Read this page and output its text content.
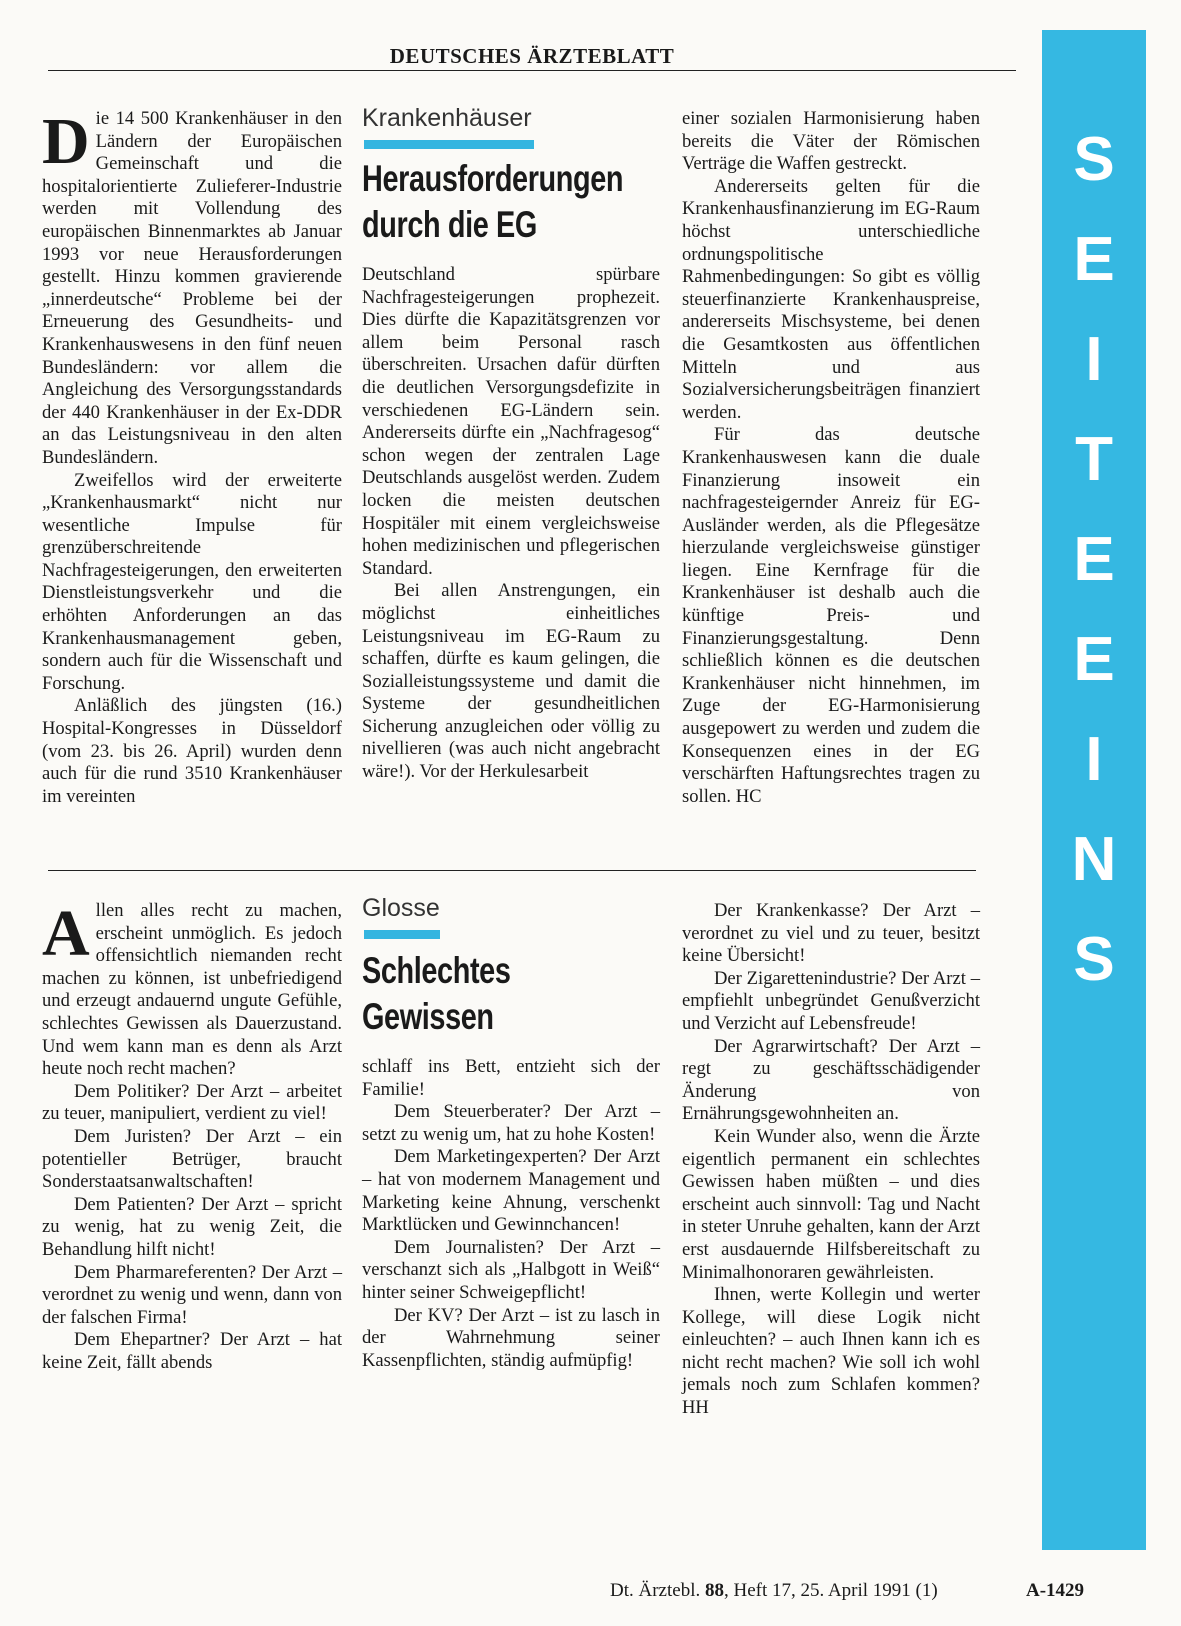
DEUTSCHES ÄRZTEBLATT

Die 14 500 Krankenhäuser in den Ländern der Europäischen Gemeinschaft und die hospitalorientierte Zulieferer-Industrie werden mit Vollendung des europäischen Binnenmarktes ab Januar 1993 vor neue Herausforderungen gestellt. Hinzu kommen gravierende „innerdeutsche“ Probleme bei der Erneuerung des Gesundheits- und Krankenhauswesens in den fünf neuen Bundesländern: vor allem die Angleichung des Versorgungsstandards der 440 Krankenhäuser in der Ex-DDR an das Leistungsniveau in den alten Bundesländern.

Zweifellos wird der erweiterte „Krankenhausmarkt“ nicht nur wesentliche Impulse für grenzüberschreitende Nachfragesteigerungen, den erweiterten Dienstleistungsverkehr und die erhöhten Anforderungen an das Krankenhausmanagement geben, sondern auch für die Wissenschaft und Forschung.

Anläßlich des jüngsten (16.) Hospital-Kongresses in Düsseldorf (vom 23. bis 26. April) wurden denn auch für die rund 3510 Krankenhäuser im vereinten

Krankenhäuser
Herausforderungen
durch die EG

Deutschland spürbare Nachfragesteigerungen prophezeit. Dies dürfte die Kapazitätsgrenzen vor allem beim Personal rasch überschreiten. Ursachen dafür dürften die deutlichen Versorgungsdefizite in verschiedenen EG-Ländern sein. Andererseits dürfte ein „Nachfragesog“ schon wegen der zentralen Lage Deutschlands ausgelöst werden. Zudem locken die meisten deutschen Hospitäler mit einem vergleichsweise hohen medizinischen und pflegerischen Standard.

Bei allen Anstrengungen, ein möglichst einheitliches Leistungsniveau im EG-Raum zu schaffen, dürfte es kaum gelingen, die Sozialleistungssysteme und damit die Systeme der gesundheitlichen Sicherung anzugleichen oder völlig zu nivellieren (was auch nicht angebracht wäre!). Vor der Herkulesarbeit

einer sozialen Harmonisierung haben bereits die Väter der Römischen Verträge die Waffen gestreckt.

Andererseits gelten für die Krankenhausfinanzierung im EG-Raum höchst unterschiedliche ordnungspolitische Rahmenbedingungen: So gibt es völlig steuerfinanzierte Krankenhauspreise, andererseits Mischsysteme, bei denen die Gesamtkosten aus öffentlichen Mitteln und aus Sozialversicherungsbeiträgen finanziert werden.

Für das deutsche Krankenhauswesen kann die duale Finanzierung insoweit ein nachfragesteigernder Anreiz für EG-Ausländer werden, als die Pflegesätze hierzulande vergleichsweise günstiger liegen. Eine Kernfrage für die Krankenhäuser ist deshalb auch die künftige Preis- und Finanzierungsgestaltung. Denn schließlich können es die deutschen Krankenhäuser nicht hinnehmen, im Zuge der EG-Harmonisierung ausgepowert zu werden und zudem die Konsequenzen eines in der EG verschärften Haftungsrechtes tragen zu sollen. HC

Allen alles recht zu machen, erscheint unmöglich. Es jedoch offensichtlich niemanden recht machen zu können, ist unbefriedigend und erzeugt andauernd ungute Gefühle, schlechtes Gewissen als Dauerzustand. Und wem kann man es denn als Arzt heute noch recht machen?

Dem Politiker? Der Arzt – arbeitet zu teuer, manipuliert, verdient zu viel!

Dem Juristen? Der Arzt – ein potentieller Betrüger, braucht Sonderstaatsanwaltschaften!

Dem Patienten? Der Arzt – spricht zu wenig, hat zu wenig Zeit, die Behandlung hilft nicht!

Dem Pharmareferenten? Der Arzt – verordnet zu wenig und wenn, dann von der falschen Firma!

Dem Ehepartner? Der Arzt – hat keine Zeit, fällt abends

Glosse
Schlechtes
Gewissen

schlaff ins Bett, entzieht sich der Familie!

Dem Steuerberater? Der Arzt – setzt zu wenig um, hat zu hohe Kosten!

Dem Marketingexperten? Der Arzt – hat von modernem Management und Marketing keine Ahnung, verschenkt Marktlücken und Gewinnchancen!

Dem Journalisten? Der Arzt – verschanzt sich als „Halbgott in Weiß“ hinter seiner Schweigepflicht!

Der KV? Der Arzt – ist zu lasch in der Wahrnehmung seiner Kassenpflichten, ständig aufmüpfig!

Der Krankenkasse? Der Arzt – verordnet zu viel und zu teuer, besitzt keine Übersicht!

Der Zigarettenindustrie? Der Arzt – empfiehlt unbegründet Genußverzicht und Verzicht auf Lebensfreude!

Der Agrarwirtschaft? Der Arzt – regt zu geschäftsschädigender Änderung von Ernährungsgewohnheiten an.

Kein Wunder also, wenn die Ärzte eigentlich permanent ein schlechtes Gewissen haben müßten – und dies erscheint auch sinnvoll: Tag und Nacht in steter Unruhe gehalten, kann der Arzt erst ausdauernde Hilfsbereitschaft zu Minimalhonoraren gewährleisten.

Ihnen, werte Kollegin und werter Kollege, will diese Logik nicht einleuchten? – auch Ihnen kann ich es nicht recht machen? Wie soll ich wohl jemals noch zum Schlafen kommen? HH

S
E
I
T
E
E
I
N
S
Dt. Ärztebl. 88, Heft 17, 25. April 1991 (1)	A-1429
